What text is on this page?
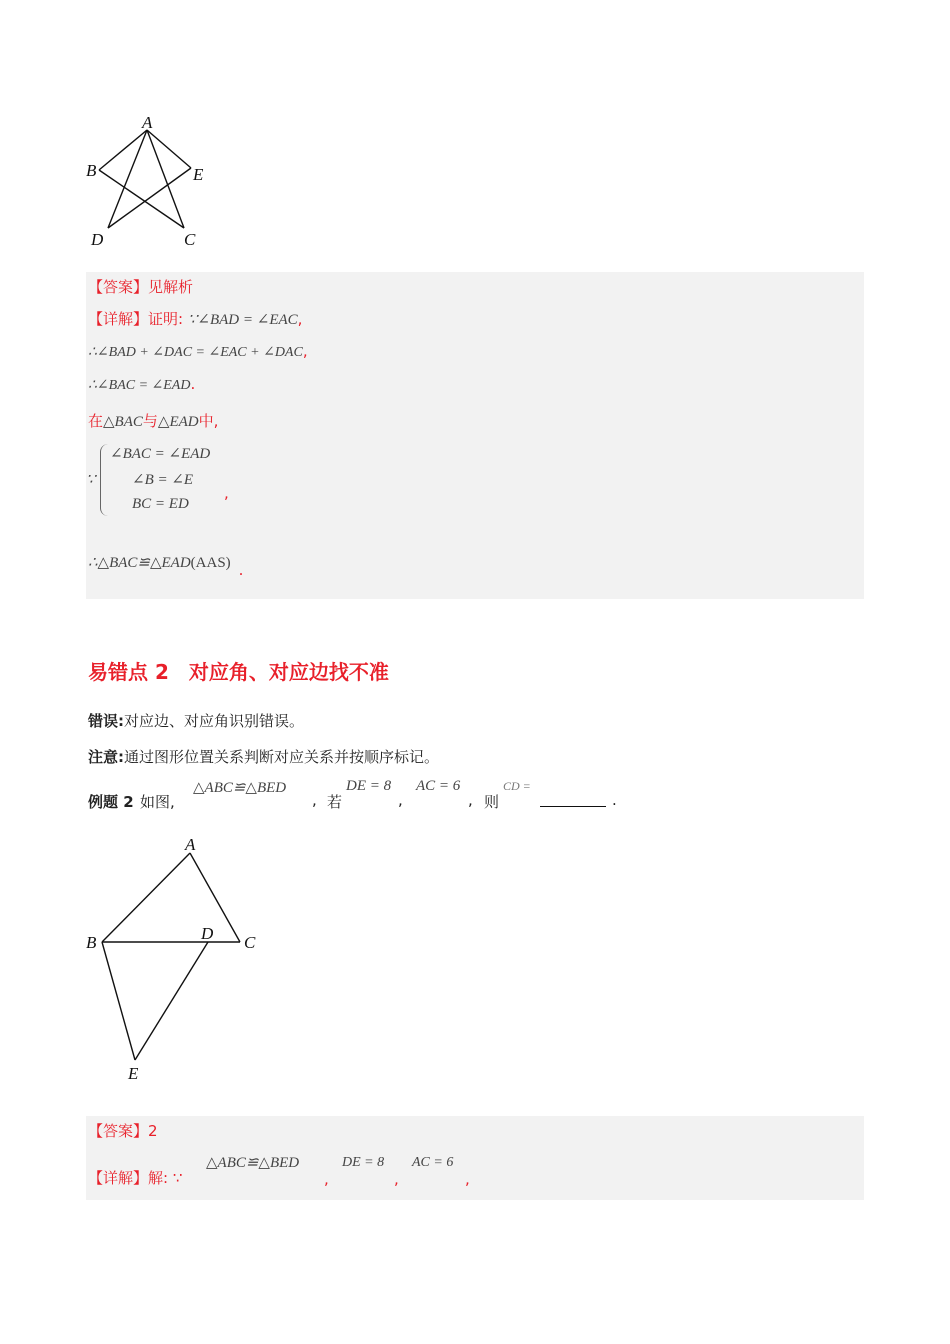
A
B	E
D	C
【答案】见解析
【详解】证明: ∵∠BAD = ∠EAC,
∴∠BAD + ∠DAC = ∠EAC + ∠DAC,
∴∠BAC = ∠EAD.
在△BAC与△EAD中,
∵
∠BAC = ∠EAD
∠B = ∠E
BC = ED
,
∴△BAC≌△EAD(AAS) .
易错点 2　对应角、对应边找不准
错误:对应边、对应角识别错误。
注意:通过图形位置关系判断对应关系并按顺序标记。
例题 2 如图,
△ABC≌△BED
, 若
DE = 8
,
AC = 6
, 则
CD =
.
A
B	D C
E
【答案】2
【详解】解: ∵
△ABC≌△BED
,
DE = 8
,
AC = 6
,
